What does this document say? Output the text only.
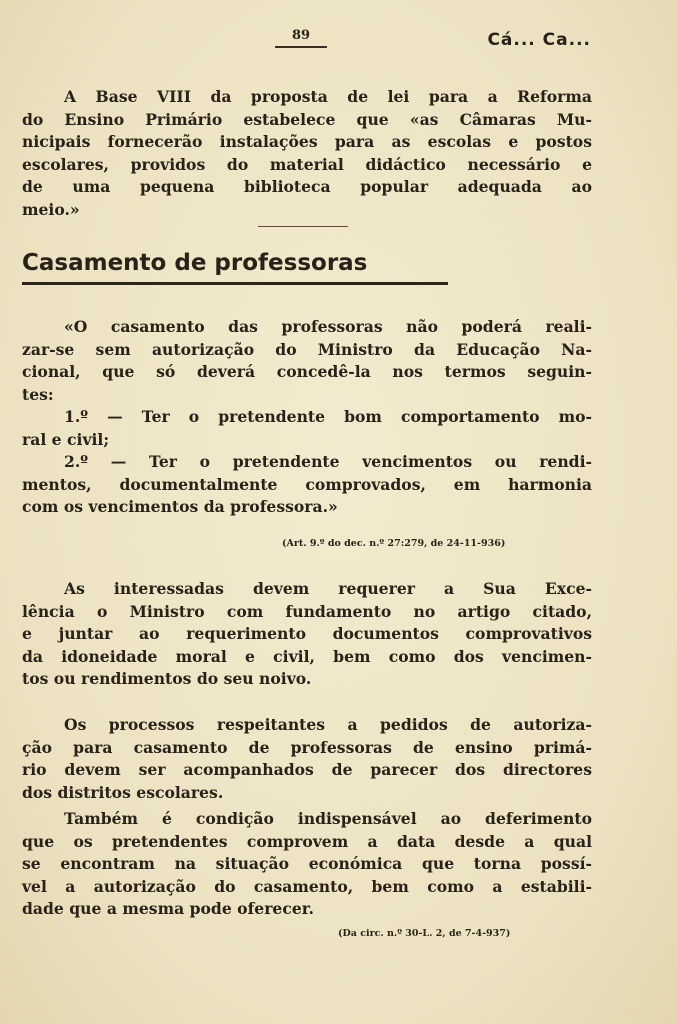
89	Cá... Ca...
A Base VIII da proposta de lei para a Reforma
do Ensino Primário estabelece que «as Câmaras Mu-
nicipais fornecerão instalações para as escolas e postos
escolares, providos do material didáctico necessário e
de uma pequena biblioteca popular adequada ao
meio.»
Casamento de professoras
«O casamento das professoras não poderá reali-
zar-se sem autorização do Ministro da Educação Na-
cional, que só deverá concedê-la nos termos seguin-
tes:
1.º — Ter o pretendente bom comportamento mo-
ral e civil;
2.º — Ter o pretendente vencimentos ou rendi-
mentos, documentalmente comprovados, em harmonia
com os vencimentos da professora.»
(Art. 9.º do dec. n.º 27:279, de 24-11-936)
As interessadas devem requerer a Sua Exce-
lência o Ministro com fundamento no artigo citado,
e juntar ao requerimento documentos comprovativos
da idoneidade moral e civil, bem como dos vencimen-
tos ou rendimentos do seu noivo.
Os processos respeitantes a pedidos de autoriza-
ção para casamento de professoras de ensino primá-
rio devem ser acompanhados de parecer dos directores
dos distritos escolares.
Também é condição indispensável ao deferimento
que os pretendentes comprovem a data desde a qual
se encontram na situação económica que torna possí-
vel a autorização do casamento, bem como a estabili-
dade que a mesma pode oferecer.
(Da circ. n.º 30-L. 2, de 7-4-937)
